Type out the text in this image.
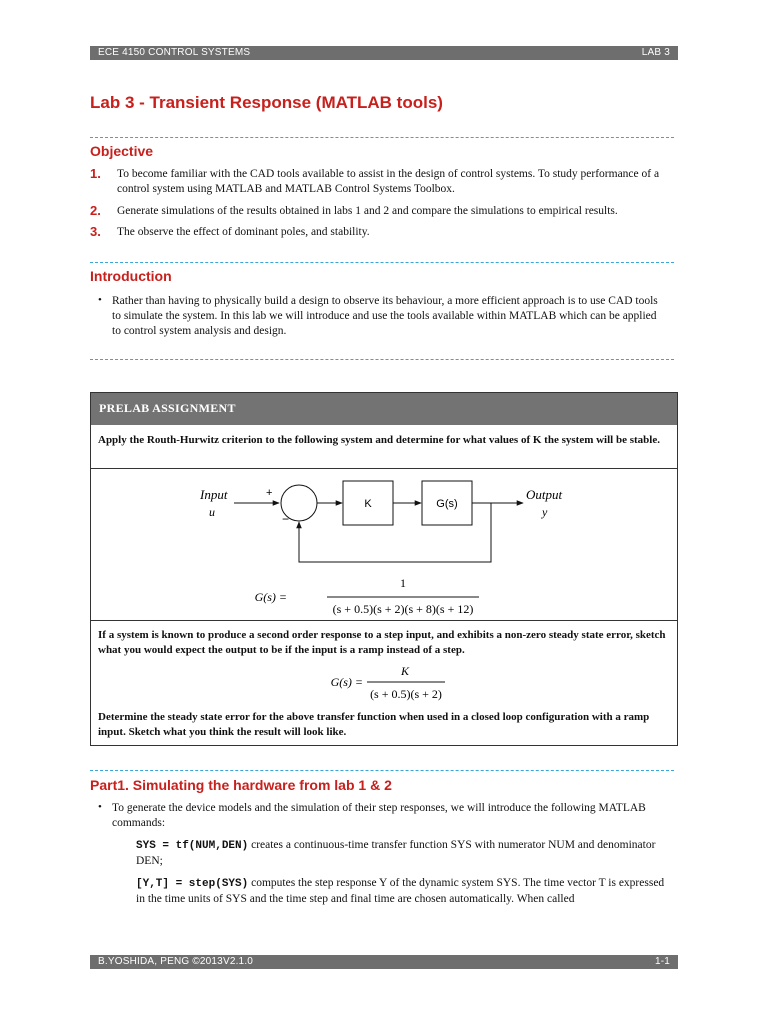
ECE 4150 CONTROL SYSTEMS	LAB 3
Lab 3 - Transient Response (MATLAB tools)
Objective
1. To become familiar with the CAD tools available to assist in the design of control systems. To study performance of a control system using MATLAB and MATLAB Control Systems Toolbox.
2. Generate simulations of the results obtained in labs 1 and 2 and compare the simulations to empirical results.
3. The observe the effect of dominant poles, and stability.
Introduction
• Rather than having to physically build a design to observe its behaviour, a more efficient approach is to use CAD tools to simulate the system. In this lab we will introduce and use the tools available within MATLAB which can be applied to control system analysis and design.
PRELAB ASSIGNMENT
Apply the Routh-Hurwitz criterion to the following system and determine for what values of K the system will be stable.
Input
u
+
−
K	G(s)
Output
y
G(s) =
1
(s + 0.5)(s + 2)(s + 8)(s + 12)
If a system is known to produce a second order response to a step input, and exhibits a non-zero steady state error, sketch what you would expect the output to be if the input is a ramp instead of a step.
G(s) =
K
(s + 0.5)(s + 2)
Determine the steady state error for the above transfer function when used in a closed loop configuration with a ramp input. Sketch what you think the result will look like.
Part1. Simulating the hardware from lab 1 & 2
• To generate the device models and the simulation of their step responses, we will introduce the following MATLAB commands:
SYS = tf(NUM,DEN) creates a continuous-time transfer function SYS with numerator NUM and denominator DEN;
[Y,T] = step(SYS) computes the step response Y of the dynamic system SYS. The time vector T is expressed in the time units of SYS and the time step and final time are chosen automatically. When called
B.YOSHIDA, PENG ©2013V2.1.0	1-1
